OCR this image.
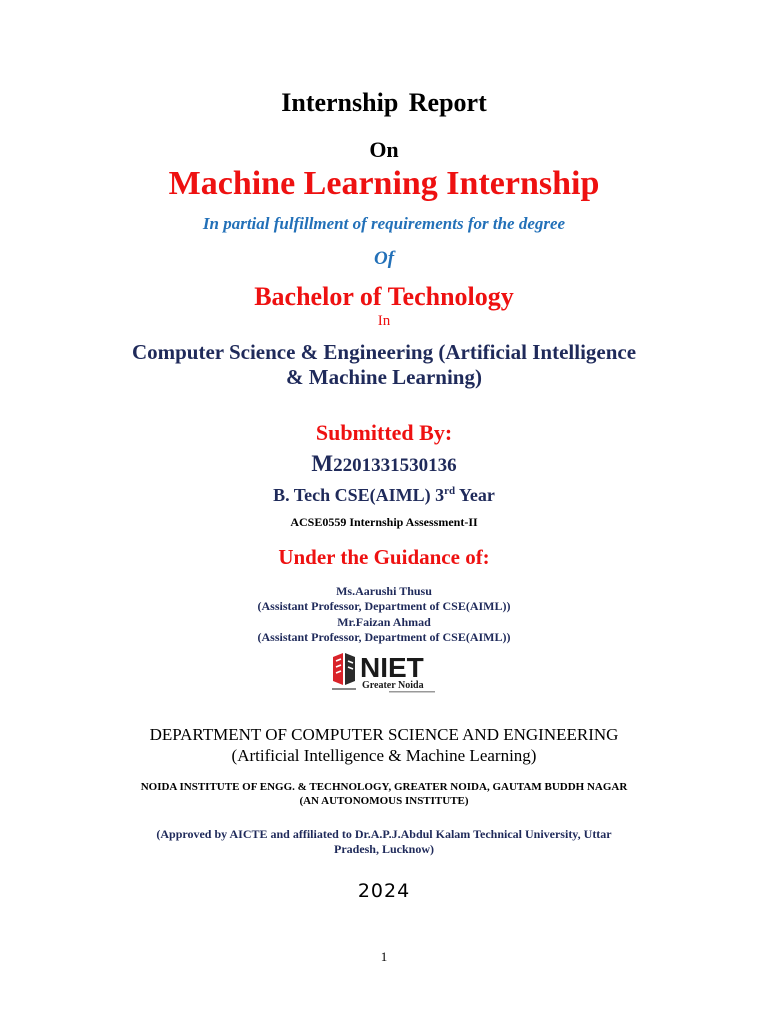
Internship Report
On
Machine Learning Internship
In partial fulfillment of requirements for the degree
Of
Bachelor of Technology
In
Computer Science & Engineering (Artificial Intelligence
& Machine Learning)
Submitted By:
M2201331530136
B. Tech CSE(AIML) 3rd Year
ACSE0559 Internship Assessment-II
Under the Guidance of:
Ms.Aarushi Thusu
(Assistant Professor, Department of CSE(AIML))
Mr.Faizan Ahmad
(Assistant Professor, Department of CSE(AIML))
NIET
Greater Noida
DEPARTMENT OF COMPUTER SCIENCE AND ENGINEERING
(Artificial Intelligence & Machine Learning)
NOIDA INSTITUTE OF ENGG. & TECHNOLOGY, GREATER NOIDA, GAUTAM BUDDH NAGAR
(AN AUTONOMOUS INSTITUTE)
(Approved by AICTE and affiliated to Dr.A.P.J.Abdul Kalam Technical University, Uttar
Pradesh, Lucknow)
2024
1
